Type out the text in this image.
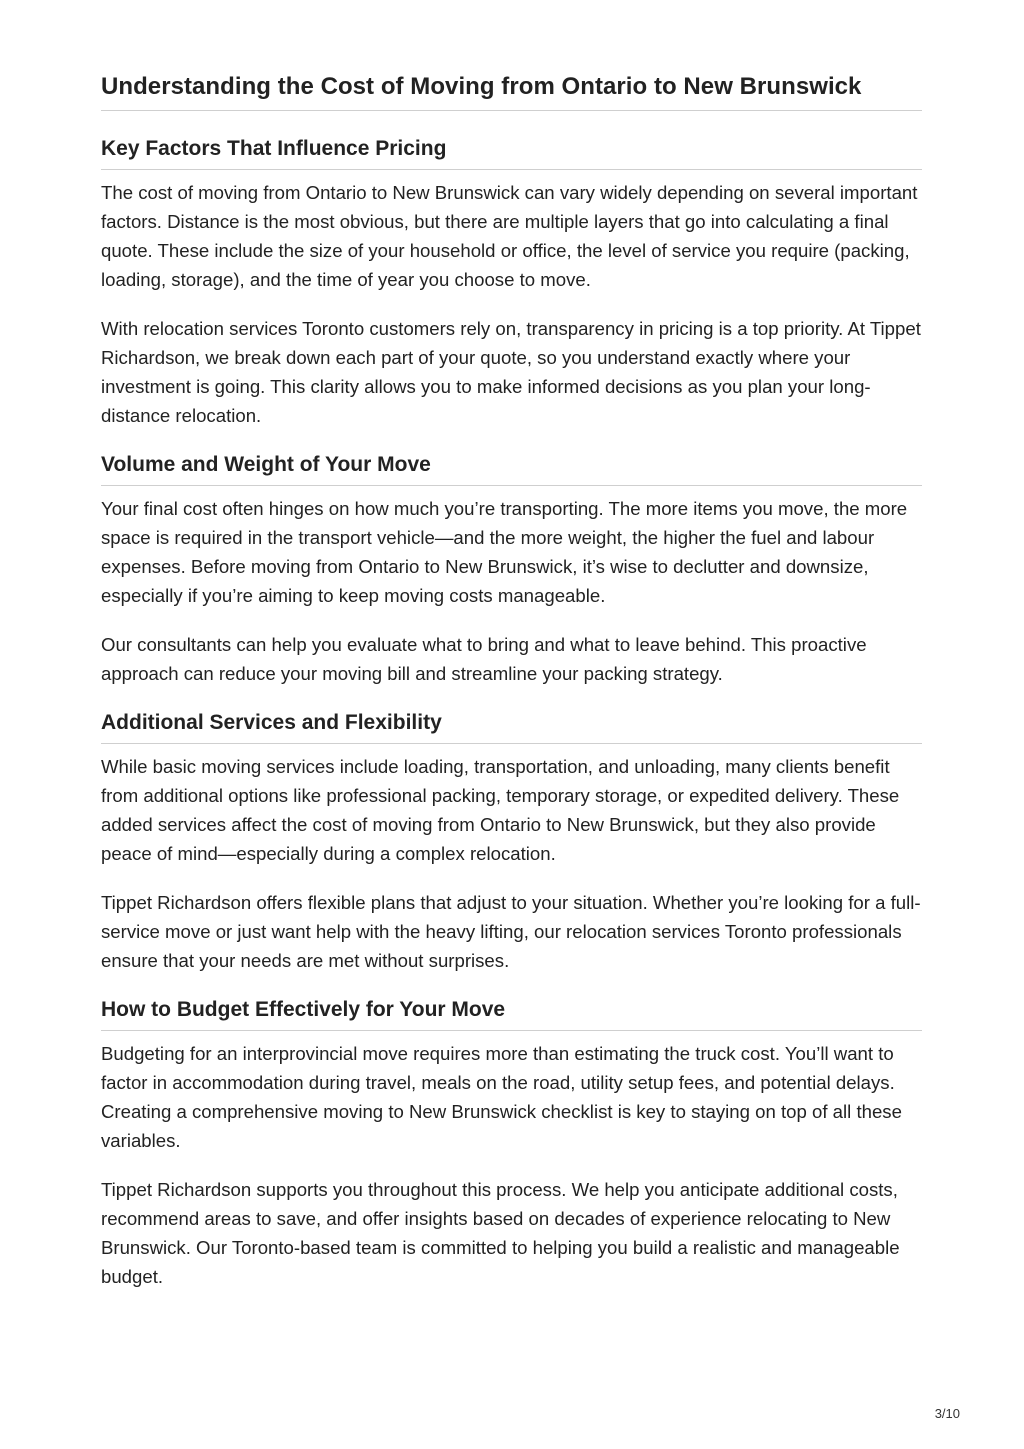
Understanding the Cost of Moving from Ontario to New Brunswick
Key Factors That Influence Pricing

The cost of moving from Ontario to New Brunswick can vary widely depending on several important factors. Distance is the most obvious, but there are multiple layers that go into calculating a final quote. These include the size of your household or office, the level of service you require (packing, loading, storage), and the time of year you choose to move.

With relocation services Toronto customers rely on, transparency in pricing is a top priority. At Tippet Richardson, we break down each part of your quote, so you understand exactly where your investment is going. This clarity allows you to make informed decisions as you plan your long-distance relocation.

Volume and Weight of Your Move

Your final cost often hinges on how much you’re transporting. The more items you move, the more space is required in the transport vehicle—and the more weight, the higher the fuel and labour expenses. Before moving from Ontario to New Brunswick, it’s wise to declutter and downsize, especially if you’re aiming to keep moving costs manageable.

Our consultants can help you evaluate what to bring and what to leave behind. This proactive approach can reduce your moving bill and streamline your packing strategy.

Additional Services and Flexibility

While basic moving services include loading, transportation, and unloading, many clients benefit from additional options like professional packing, temporary storage, or expedited delivery. These added services affect the cost of moving from Ontario to New Brunswick, but they also provide peace of mind—especially during a complex relocation.

Tippet Richardson offers flexible plans that adjust to your situation. Whether you’re looking for a full-service move or just want help with the heavy lifting, our relocation services Toronto professionals ensure that your needs are met without surprises.

How to Budget Effectively for Your Move

Budgeting for an interprovincial move requires more than estimating the truck cost. You’ll want to factor in accommodation during travel, meals on the road, utility setup fees, and potential delays. Creating a comprehensive moving to New Brunswick checklist is key to staying on top of all these variables.

Tippet Richardson supports you throughout this process. We help you anticipate additional costs, recommend areas to save, and offer insights based on decades of experience relocating to New Brunswick. Our Toronto-based team is committed to helping you build a realistic and manageable budget.

3/10
